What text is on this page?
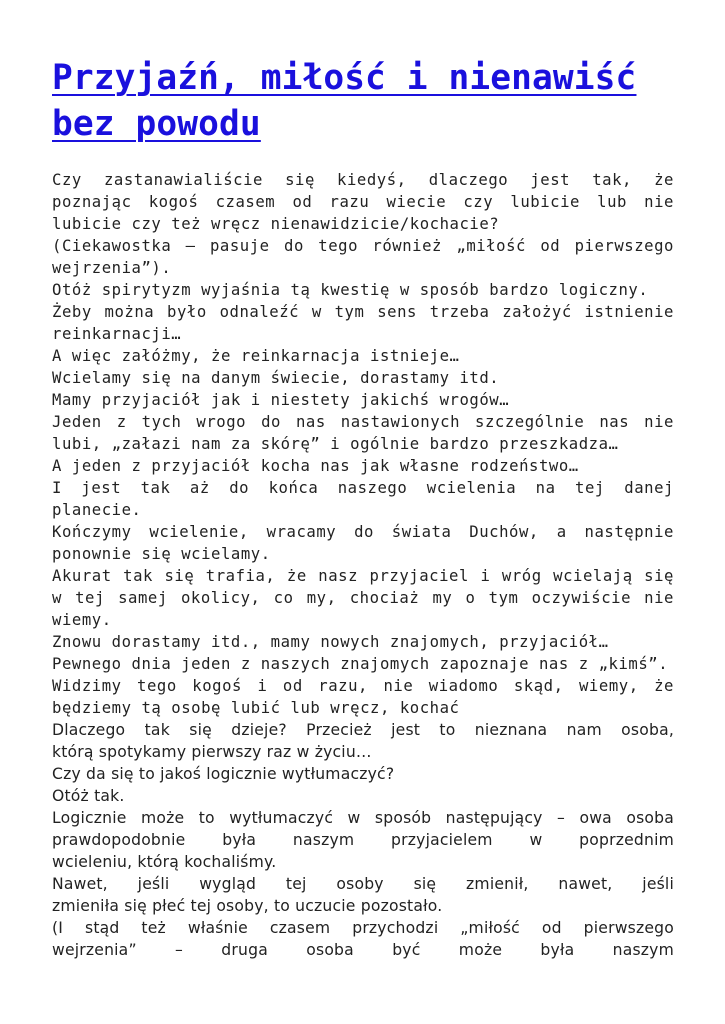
Przyjaźń, miłość i nienawiść
bez powodu
Czy zastanawialiście się kiedyś, dlaczego jest tak, że
poznając kogoś czasem od razu wiecie czy lubicie lub nie
lubicie czy też wręcz nienawidzicie/kochacie?
(Ciekawostka – pasuje do tego również „miłość od pierwszego
wejrzenia”).
Otóż spirytyzm wyjaśnia tą kwestię w sposób bardzo logiczny.
Żeby można było odnaleźć w tym sens trzeba założyć istnienie
reinkarnacji…
A więc załóżmy, że reinkarnacja istnieje…
Wcielamy się na danym świecie, dorastamy itd.
Mamy przyjaciół jak i niestety jakichś wrogów…
Jeden z tych wrogo do nas nastawionych szczególnie nas nie
lubi, „załazi nam za skórę” i ogólnie bardzo przeszkadza…
A jeden z przyjaciół kocha nas jak własne rodzeństwo…
I jest tak aż do końca naszego wcielenia na tej danej
planecie.
Kończymy wcielenie, wracamy do świata Duchów, a następnie
ponownie się wcielamy.
Akurat tak się trafia, że nasz przyjaciel i wróg wcielają się
w tej samej okolicy, co my, chociaż my o tym oczywiście nie
wiemy.
Znowu dorastamy itd., mamy nowych znajomych, przyjaciół…
Pewnego dnia jeden z naszych znajomych zapoznaje nas z „kimś”.
Widzimy tego kogoś i od razu, nie wiadomo skąd, wiemy, że
będziemy tą osobę lubić lub wręcz, kochać
Dlaczego tak się dzieje? Przecież jest to nieznana nam osoba,
którą spotykamy pierwszy raz w życiu…
Czy da się to jakoś logicznie wytłumaczyć?
Otóż tak.
Logicznie może to wytłumaczyć w sposób następujący – owa osoba
prawdopodobnie była naszym przyjacielem w poprzednim
wcieleniu, którą kochaliśmy.
Nawet, jeśli wygląd tej osoby się zmienił, nawet, jeśli
zmieniła się płeć tej osoby, to uczucie pozostało.
(I stąd też właśnie czasem przychodzi „miłość od pierwszego
wejrzenia” – druga osoba być może była naszym
